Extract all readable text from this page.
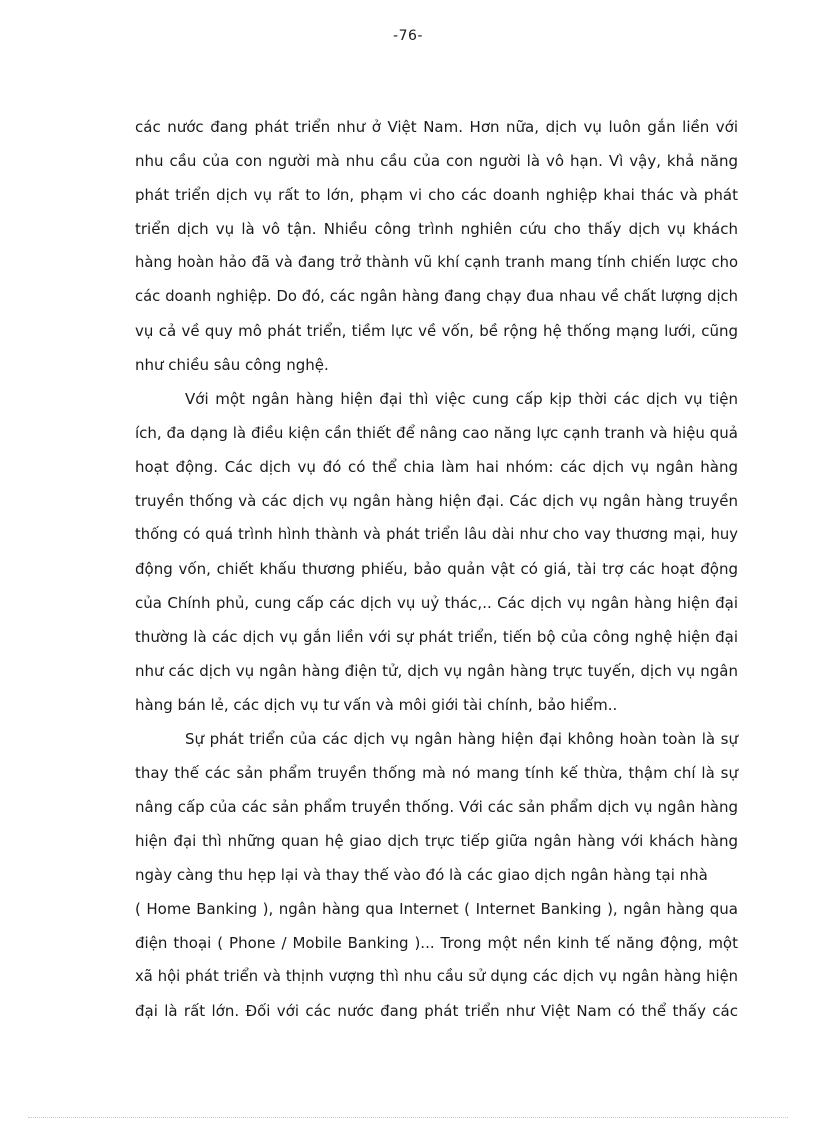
-76-
các nước đang phát triển như ở Việt Nam. Hơn nữa, dịch vụ luôn gắn liền với
nhu cầu của con người mà nhu cầu của con người là vô hạn. Vì vậy, khả năng
phát triển dịch vụ rất to lớn, phạm vi cho các doanh nghiệp khai thác và phát
triển dịch vụ là vô tận. Nhiều công trình nghiên cứu cho thấy dịch vụ khách
hàng hoàn hảo đã và đang trở thành vũ khí cạnh tranh mang tính chiến lược cho
các doanh nghiệp. Do đó, các ngân hàng đang chạy đua nhau về chất lượng dịch
vụ cả về quy mô phát triển, tiềm lực về vốn, bề rộng hệ thống mạng lưới, cũng
như chiều sâu công nghệ.
Với một ngân hàng hiện đại thì việc cung cấp kịp thời các dịch vụ tiện
ích, đa dạng là điều kiện cần thiết để nâng cao năng lực cạnh tranh và hiệu quả
hoạt động. Các dịch vụ đó có thể chia làm hai nhóm: các dịch vụ ngân hàng
truyền thống và các dịch vụ ngân hàng hiện đại. Các dịch vụ ngân hàng truyền
thống có quá trình hình thành và phát triển lâu dài như cho vay thương mại, huy
động vốn, chiết khấu thương phiếu, bảo quản vật có giá, tài trợ các hoạt động
của Chính phủ, cung cấp các dịch vụ uỷ thác,.. Các dịch vụ ngân hàng hiện đại
thường là các dịch vụ gắn liền với sự phát triển, tiến bộ của công nghệ hiện đại
như các dịch vụ ngân hàng điện tử, dịch vụ ngân hàng trực tuyến, dịch vụ ngân
hàng bán lẻ, các dịch vụ tư vấn và môi giới tài chính, bảo hiểm..
Sự phát triển của các dịch vụ ngân hàng hiện đại không hoàn toàn là sự
thay thế các sản phẩm truyền thống mà nó mang tính kế thừa, thậm chí là sự
nâng cấp của các sản phẩm truyền thống. Với các sản phẩm dịch vụ ngân hàng
hiện đại thì những quan hệ giao dịch trực tiếp giữa ngân hàng với khách hàng
ngày càng thu hẹp lại và thay thế vào đó là các giao dịch ngân hàng tại nhà
( Home Banking ), ngân hàng qua Internet ( Internet Banking ), ngân hàng qua
điện thoại ( Phone / Mobile Banking )... Trong một nền kinh tế năng động, một
xã hội phát triển và thịnh vượng thì nhu cầu sử dụng các dịch vụ ngân hàng hiện
đại là rất lớn. Đối với các nước đang phát triển như Việt Nam có thể thấy các
